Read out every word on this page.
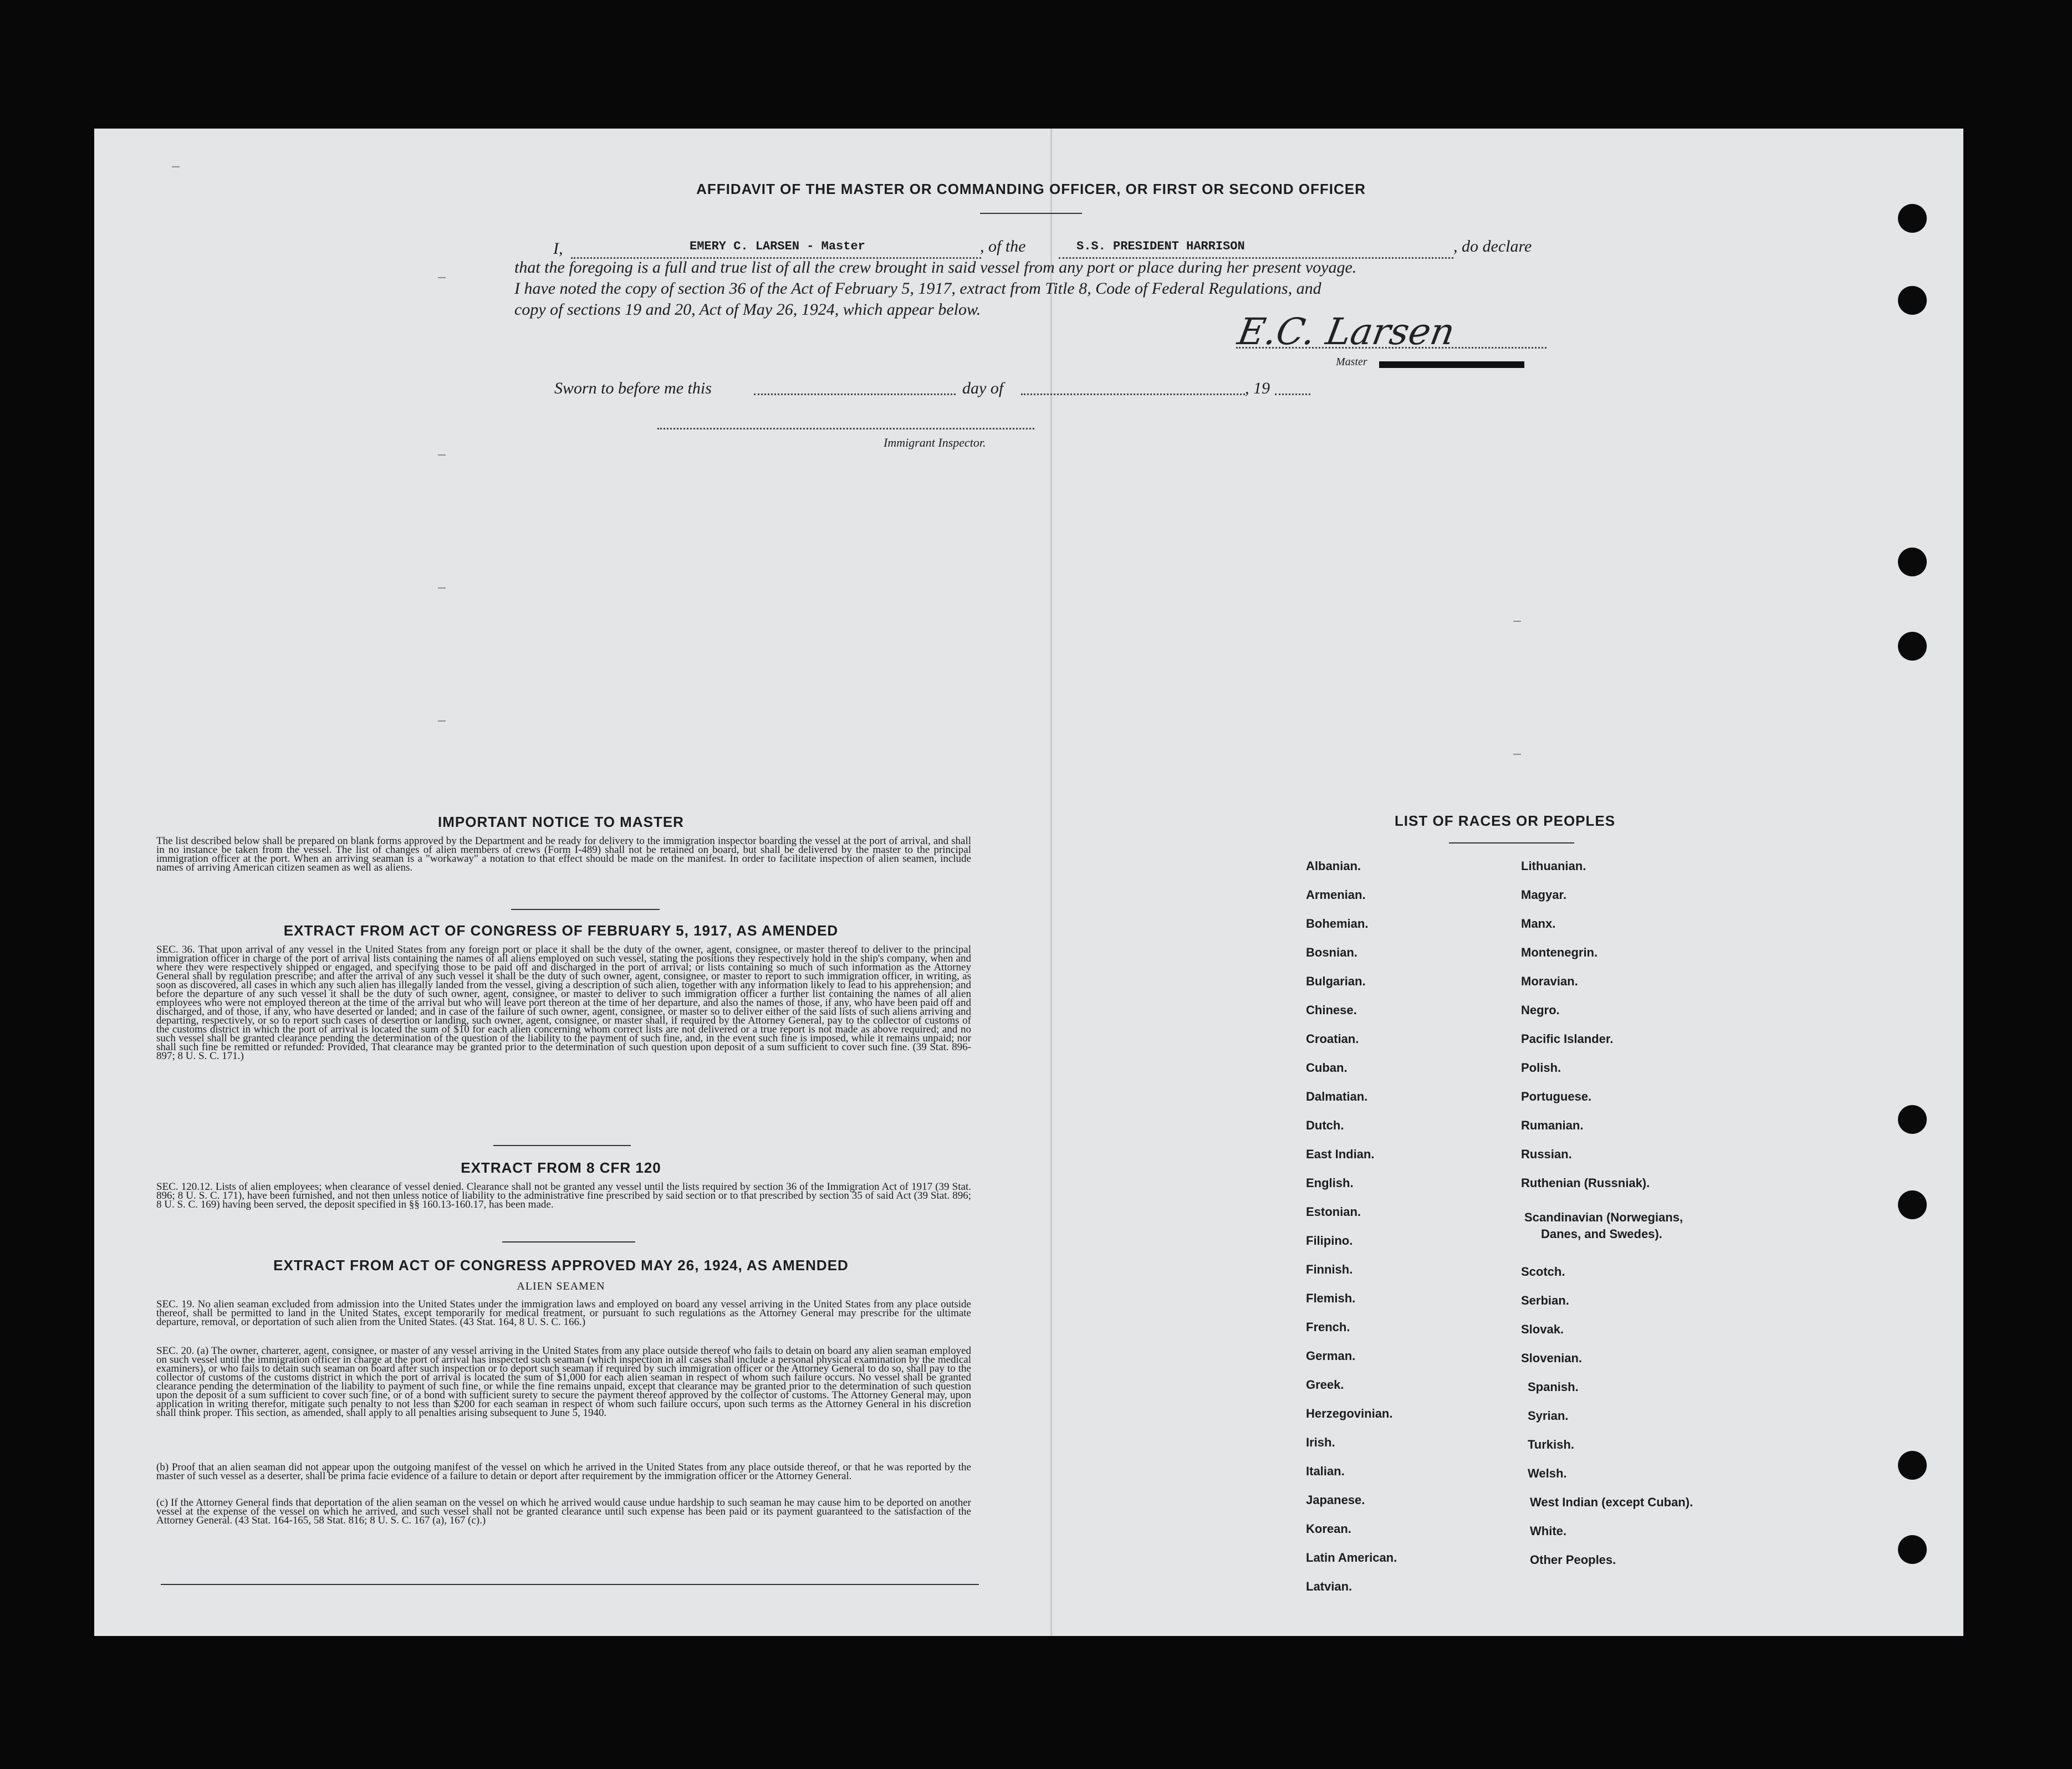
AFFIDAVIT OF THE MASTER OR COMMANDING OFFICER, OR FIRST OR SECOND OFFICER
I,	EMERY C. LARSEN - Master	, of the	S.S. PRESIDENT HARRISON	, do declare
that the foregoing is a full and true list of all the crew brought in said vessel from any port or place during her present voyage.
I have noted the copy of section 36 of the Act of February 5, 1917, extract from Title 8, Code of Federal Regulations, and
copy of sections 19 and 20, Act of May 26, 1924, which appear below.
E.C. Larsen
Master
Sworn to before me this	day of	, 19
Immigrant Inspector.
IMPORTANT NOTICE TO MASTER
The list described below shall be prepared on blank forms approved by the Department and be ready for delivery to the immigration inspector boarding the vessel at the port of arrival, and shall in no instance be taken from the vessel. The list of changes of alien members of crews (Form I-489) shall not be retained on board, but shall be delivered by the master to the principal immigration officer at the port. When an arriving seaman is a "workaway" a notation to that effect should be made on the manifest. In order to facilitate inspection of alien seamen, include names of arriving American citizen seamen as well as aliens.
EXTRACT FROM ACT OF CONGRESS OF FEBRUARY 5, 1917, AS AMENDED
SEC. 36. That upon arrival of any vessel in the United States from any foreign port or place it shall be the duty of the owner, agent, consignee, or master thereof to deliver to the principal immigration officer in charge of the port of arrival lists containing the names of all aliens employed on such vessel, stating the positions they respectively hold in the ship's company, when and where they were respectively shipped or engaged, and specifying those to be paid off and discharged in the port of arrival; or lists containing so much of such information as the Attorney General shall by regulation prescribe; and after the arrival of any such vessel it shall be the duty of such owner, agent, consignee, or master to report to such immigration officer, in writing, as soon as discovered, all cases in which any such alien has illegally landed from the vessel, giving a description of such alien, together with any information likely to lead to his apprehension; and before the departure of any such vessel it shall be the duty of such owner, agent, consignee, or master to deliver to such immigration officer a further list containing the names of all alien employees who were not employed thereon at the time of the arrival but who will leave port thereon at the time of her departure, and also the names of those, if any, who have been paid off and discharged, and of those, if any, who have deserted or landed; and in case of the failure of such owner, agent, consignee, or master so to deliver either of the said lists of such aliens arriving and departing, respectively, or so to report such cases of desertion or landing, such owner, agent, consignee, or master shall, if required by the Attorney General, pay to the collector of customs of the customs district in which the port of arrival is located the sum of $10 for each alien concerning whom correct lists are not delivered or a true report is not made as above required; and no such vessel shall be granted clearance pending the determination of the question of the liability to the payment of such fine, and, in the event such fine is imposed, while it remains unpaid; nor shall such fine be remitted or refunded: Provided, That clearance may be granted prior to the determination of such question upon deposit of a sum sufficient to cover such fine. (39 Stat. 896-897; 8 U. S. C. 171.)
EXTRACT FROM 8 CFR 120
SEC. 120.12. Lists of alien employees; when clearance of vessel denied. Clearance shall not be granted any vessel until the lists required by section 36 of the Immigration Act of 1917 (39 Stat. 896; 8 U. S. C. 171), have been furnished, and not then unless notice of liability to the administrative fine prescribed by said section or to that prescribed by section 35 of said Act (39 Stat. 896; 8 U. S. C. 169) having been served, the deposit specified in §§ 160.13-160.17, has been made.
EXTRACT FROM ACT OF CONGRESS APPROVED MAY 26, 1924, AS AMENDED
ALIEN SEAMEN
SEC. 19. No alien seaman excluded from admission into the United States under the immigration laws and employed on board any vessel arriving in the United States from any place outside thereof, shall be permitted to land in the United States, except temporarily for medical treatment, or pursuant to such regulations as the Attorney General may prescribe for the ultimate departure, removal, or deportation of such alien from the United States. (43 Stat. 164, 8 U. S. C. 166.)
SEC. 20. (a) The owner, charterer, agent, consignee, or master of any vessel arriving in the United States from any place outside thereof who fails to detain on board any alien seaman employed on such vessel until the immigration officer in charge at the port of arrival has inspected such seaman (which inspection in all cases shall include a personal physical examination by the medical examiners), or who fails to detain such seaman on board after such inspection or to deport such seaman if required by such immigration officer or the Attorney General to do so, shall pay to the collector of customs of the customs district in which the port of arrival is located the sum of $1,000 for each alien seaman in respect of whom such failure occurs. No vessel shall be granted clearance pending the determination of the liability to payment of such fine, or while the fine remains unpaid, except that clearance may be granted prior to the determination of such question upon the deposit of a sum sufficient to cover such fine, or of a bond with sufficient surety to secure the payment thereof approved by the collector of customs. The Attorney General may, upon application in writing therefor, mitigate such penalty to not less than $200 for each seaman in respect of whom such failure occurs, upon such terms as the Attorney General in his discretion shall think proper. This section, as amended, shall apply to all penalties arising subsequent to June 5, 1940.
(b) Proof that an alien seaman did not appear upon the outgoing manifest of the vessel on which he arrived in the United States from any place outside thereof, or that he was reported by the master of such vessel as a deserter, shall be prima facie evidence of a failure to detain or deport after requirement by the immigration officer or the Attorney General.
(c) If the Attorney General finds that deportation of the alien seaman on the vessel on which he arrived would cause undue hardship to such seaman he may cause him to be deported on another vessel at the expense of the vessel on which he arrived, and such vessel shall not be granted clearance until such expense has been paid or its payment guaranteed to the satisfaction of the Attorney General. (43 Stat. 164-165, 58 Stat. 816; 8 U. S. C. 167 (a), 167 (c).)
LIST OF RACES OR PEOPLES
Albanian.
Armenian.
Bohemian.
Bosnian.
Bulgarian.
Chinese.
Croatian.
Cuban.
Dalmatian.
Dutch.
East Indian.
English.
Estonian.
Filipino.
Finnish.
Flemish.
French.
German.
Greek.
Herzegovinian.
Irish.
Italian.
Japanese.
Korean.
Latin American.
Latvian.
Lithuanian.
Magyar.
Manx.
Montenegrin.
Moravian.
Negro.
Pacific Islander.
Polish.
Portuguese.
Rumanian.
Russian.
Ruthenian (Russniak).
Scandinavian (Norwegians,
Danes, and Swedes).
Scotch.
Serbian.
Slovak.
Slovenian.
Spanish.
Syrian.
Turkish.
Welsh.
West Indian (except Cuban).
White.
Other Peoples.
